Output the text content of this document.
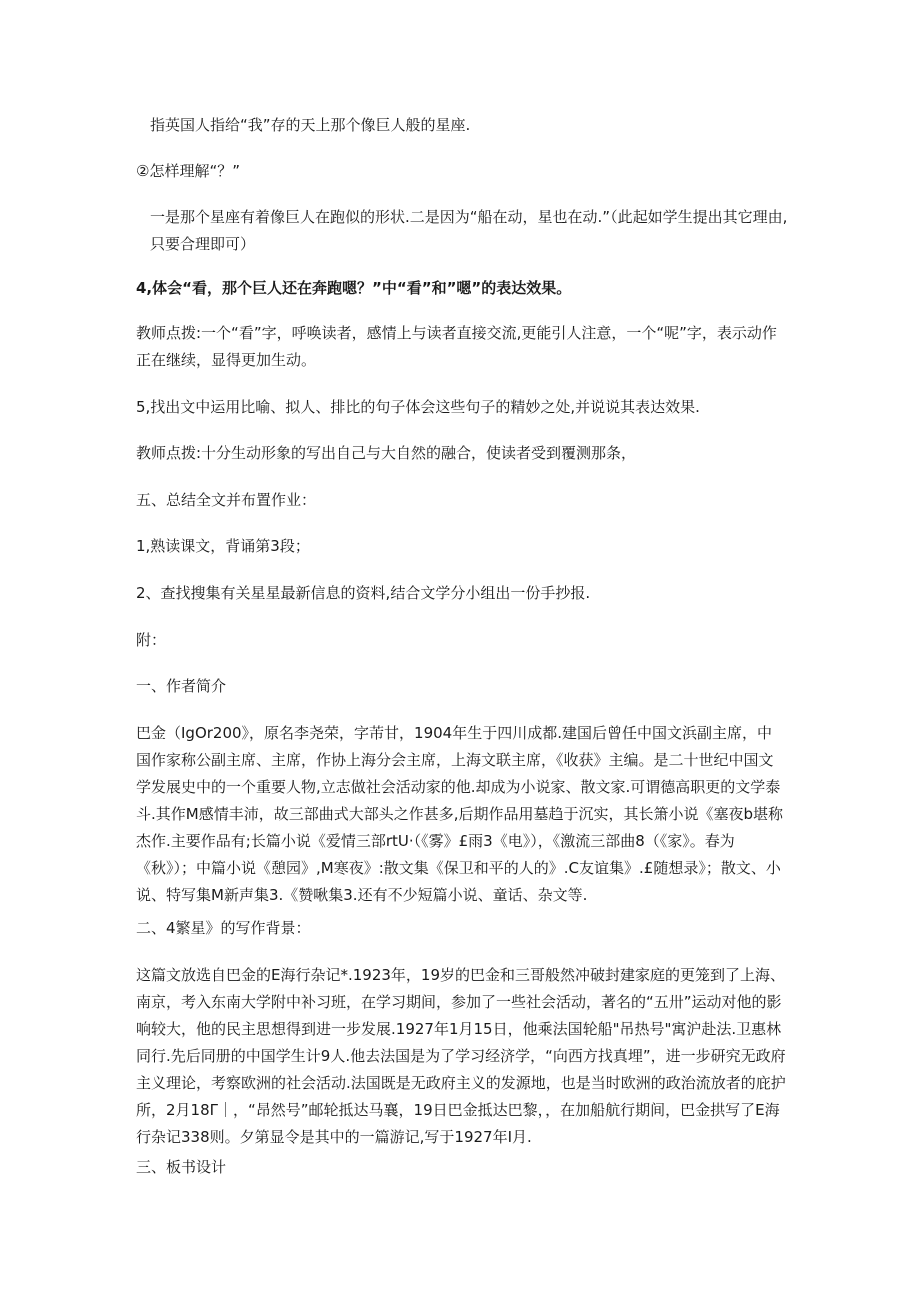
指英国人指给“我”存的天上那个像巨人般的星座.

②怎样理解“？”

一是那个星座有着像巨人在跑似的形状.二是因为“船在动，星也在动.”（此起如学生提出其它理由,只要合理即可）

4,体会“看，那个巨人还在奔跑嗯？”中“看”和”嗯”的表达效果。

教师点拨:一个“看”字，呼唤读者，感情上与读者直接交流,更能引人注意，一个“呢”字，表示动作正在继续，显得更加生动。

5,找出文中运用比喻、拟人、排比的句子体会这些句子的精妙之处,并说说其表达效果.

教师点拨:十分生动形象的写出自己与大自然的融合，使读者受到覆测那条，

五、总结全文并布置作业：

1,熟读课文，背诵第3段；

2、查找搜集有关星星最新信息的资料,结合文学分小组出一份手抄报.

附：

一、作者简介

巴金（IgOr200》，原名李尧荣，字芾甘，1904年生于四川成都.建国后曾任中国文浜副主席，中国作家称公副主席、主席，作协上海分会主席，上海文联主席，《收获》主编。是二十世纪中国文学发展史中的一个重要人物,立志做社会活动家的他.却成为小说家、散文家.可谓德高职更的文学泰斗.其作M感情丰沛，故三部曲式大部头之作甚多,后期作品用墓趋于沉实，其长箫小说《塞夜b堪称杰作.主要作品有;长篇小说《爱情三部rtU·（《雾》£雨3《电》），《激流三部曲8（《家》。春为《秋》）；中篇小说《憩园》,M寒夜》:散文集《保卫和平的人的》.C友谊集》.£随想录》；散文、小说、特写集M新声集3.《赞啾集3.还有不少短篇小说、童话、杂文等.

二、4繁星》的写作背景：

这篇文放选自巴金的E海行杂记*.1923年，19岁的巴金和三哥般然冲破封建家庭的更笼到了上海、南京，考入东南大学附中补习班，在学习期间，参加了一些社会活动，著名的“五卅”运动对他的影响较大，他的民主思想得到进一步发展.1927年1月15日，他乘法国轮船"吊热号"寓沪赴法.卫惠林同行.先后同册的中国学生计9人.他去法国是为了学习经济学，“向西方找真埋”，进一步研究无政府主义理论，考察欧洲的社会活动.法国既是无政府主义的发源地，也是当时欧洲的政治流放者的庇护所，2月18Γ｜，“昂然号”邮轮抵达马襄，19日巴金抵达巴黎，，在加船航行期间，巴金拱写了E海行杂记338则。夕第显令是其中的一篇游记,写于1927年I月.

三、板书设计
